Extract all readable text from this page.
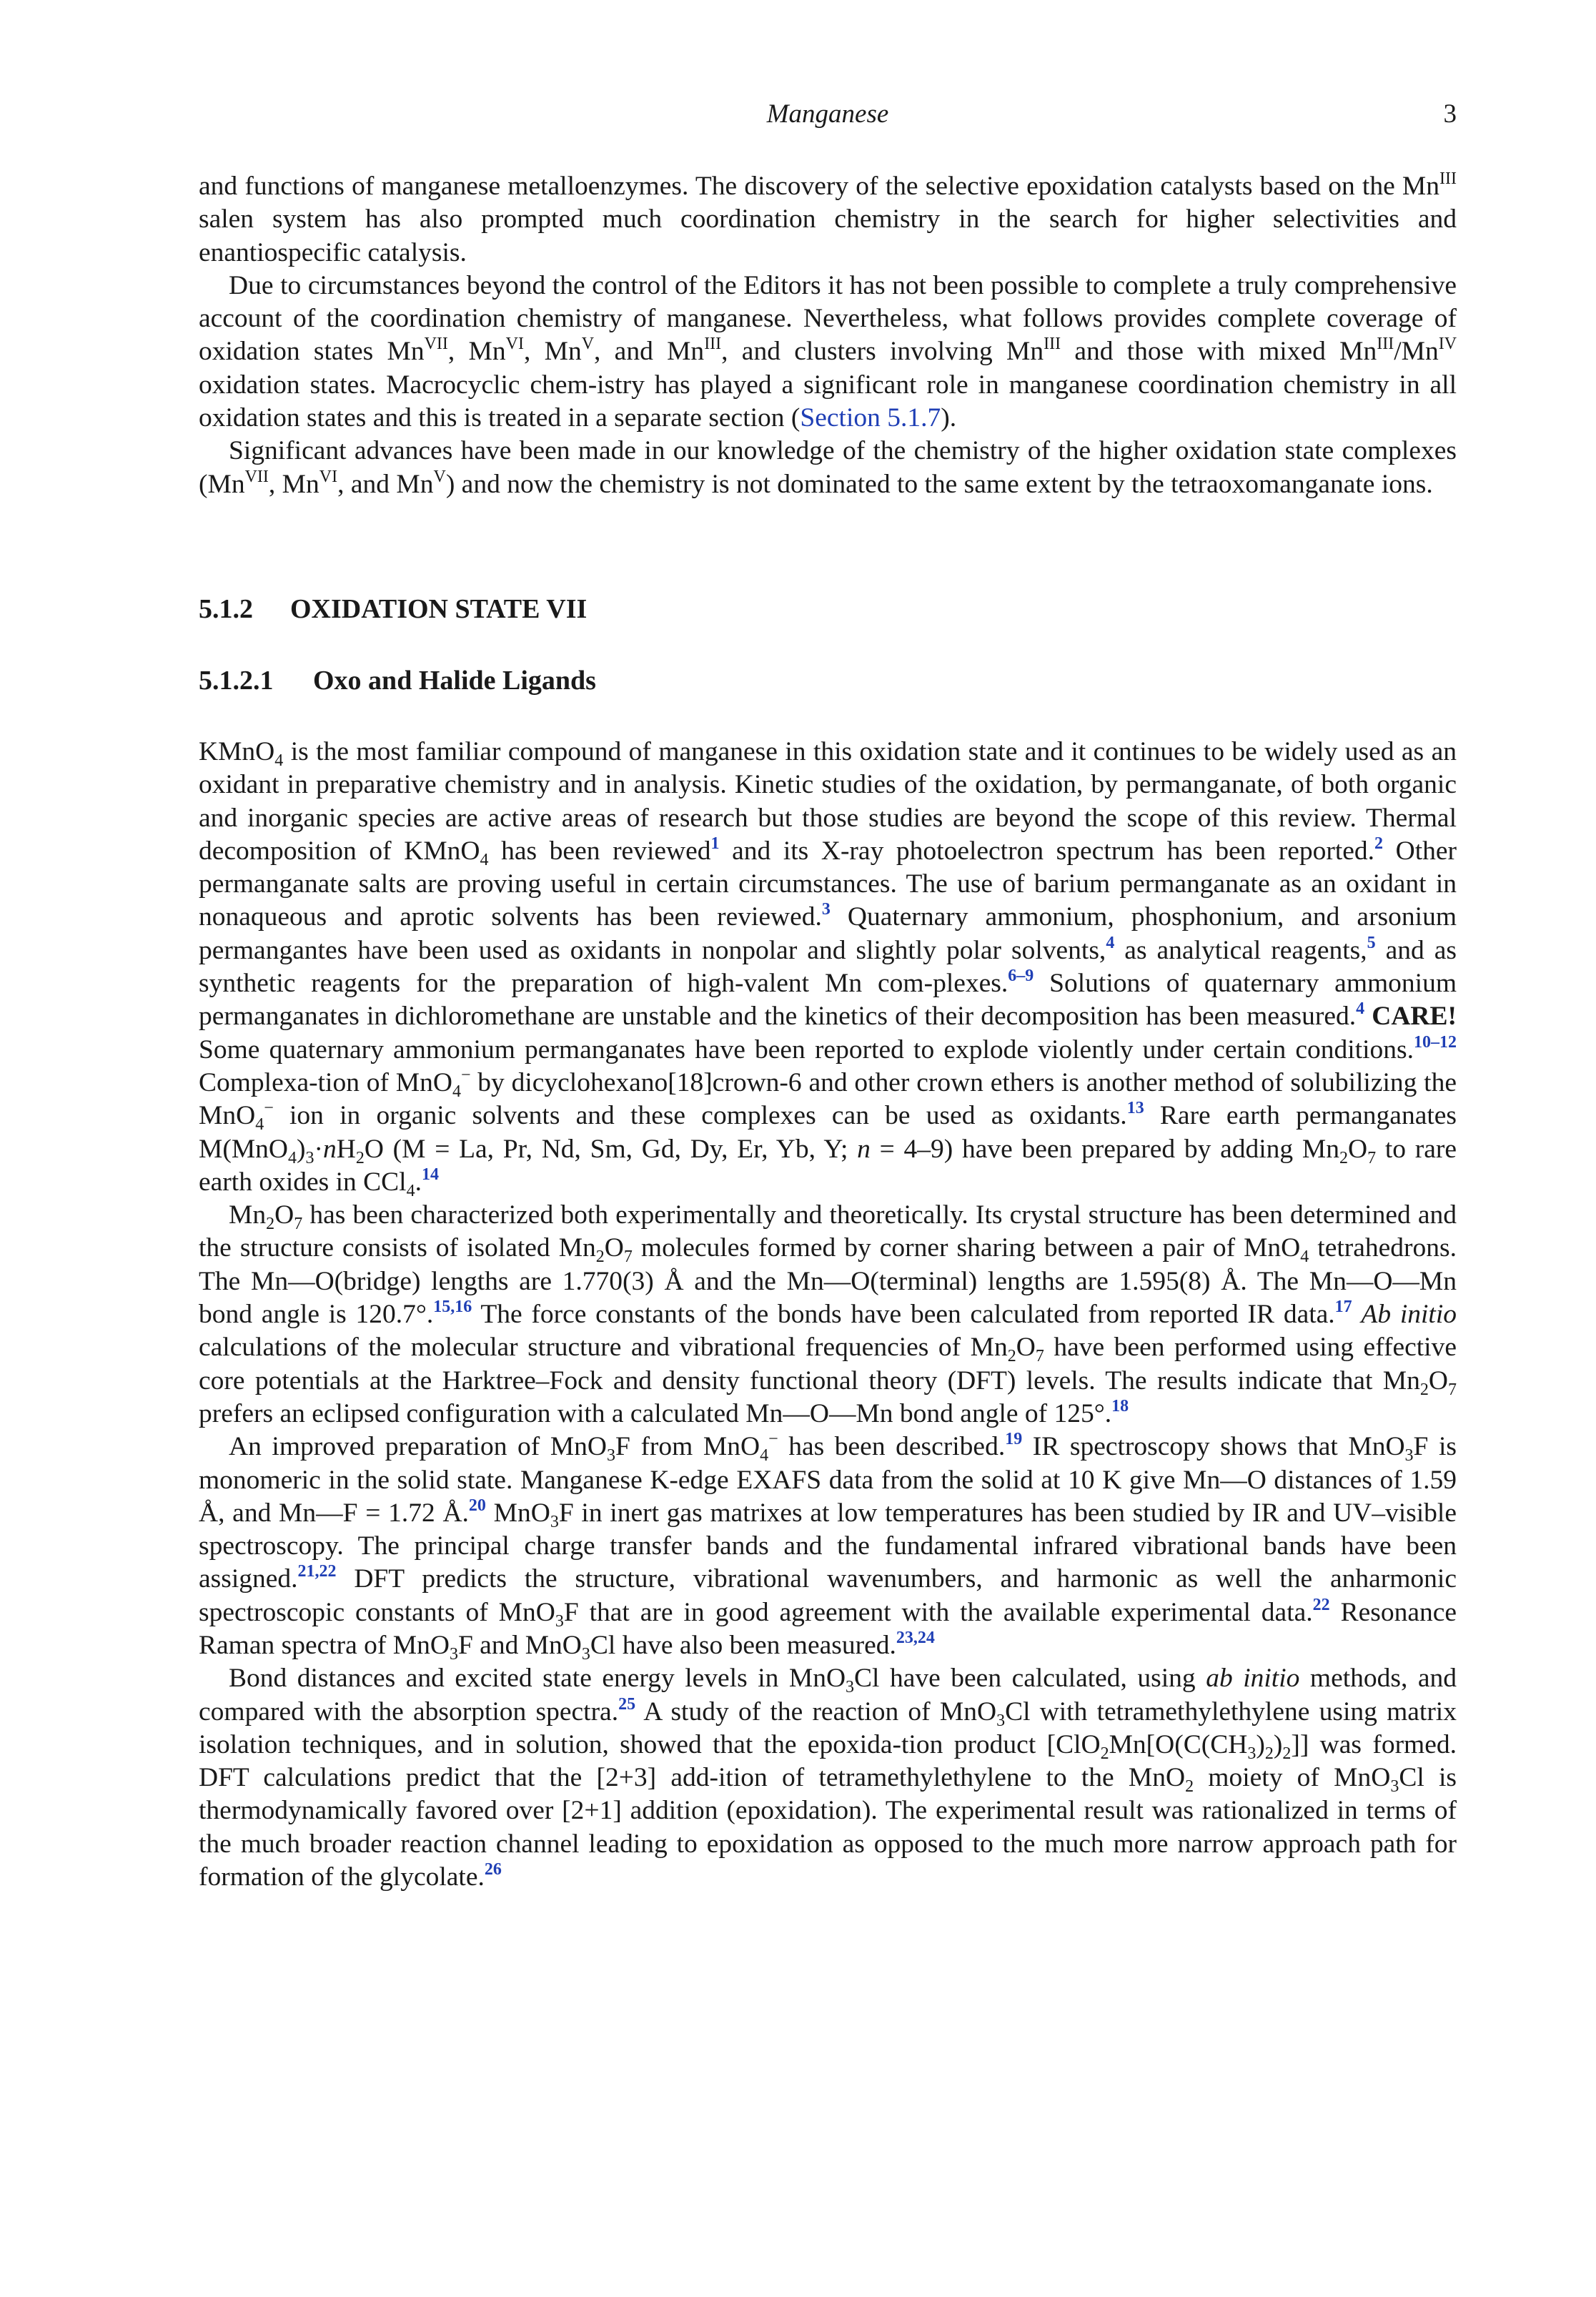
Manganese	3

and functions of manganese metalloenzymes. The discovery of the selective epoxidation catalysts based on the $Mn^{III}$ salen system has also prompted much coordination chemistry in the search for higher selectivities and enantiospecific catalysis.

Due to circumstances beyond the control of the Editors it has not been possible to complete a truly comprehensive account of the coordination chemistry of manganese. Nevertheless, what follows provides complete coverage of oxidation states $Mn^{VII}$, $Mn^{VI}$, $Mn^V$, and $Mn^{III}$, and clusters involving $Mn^{III}$ and those with mixed $Mn^{III}/Mn^{IV}$ oxidation states. Macrocyclic chem-istry has played a significant role in manganese coordination chemistry in all oxidation states and this is treated in a separate section (Section 5.1.7).

Significant advances have been made in our knowledge of the chemistry of the higher oxidation state complexes ($Mn^{VII}$, $Mn^{VI}$, and $Mn^V$) and now the chemistry is not dominated to the same extent by the tetraoxomanganate ions.

5.1.2 OXIDATION STATE VII
5.1.2.1 Oxo and Halide Ligands

KMnO$_4$ is the most familiar compound of manganese in this oxidation state and it continues to be widely used as an oxidant in preparative chemistry and in analysis. Kinetic studies of the oxidation, by permanganate, of both organic and inorganic species are active areas of research but those studies are beyond the scope of this review. Thermal decomposition of KMnO$_4$ has been reviewed$^1$ and its X-ray photoelectron spectrum has been reported.$^2$ Other permanganate salts are proving useful in certain circumstances. The use of barium permanganate as an oxidant in nonaqueous and aprotic solvents has been reviewed.$^3$ Quaternary ammonium, phosphonium, and arsonium permangantes have been used as oxidants in nonpolar and slightly polar solvents,$^4$ as analytical reagents,$^5$ and as synthetic reagents for the preparation of high-valent Mn com-plexes.$^{6-9}$ Solutions of quaternary ammonium permanganates in dichloromethane are unstable and the kinetics of their decomposition has been measured.$^4$ CARE! Some quaternary ammonium permanganates have been reported to explode violently under certain conditions.$^{10-12}$ Complexa-tion of MnO$_4$− by dicyclohexano[18]crown-6 and other crown ethers is another method of solubilizing the MnO$_4$− ion in organic solvents and these complexes can be used as oxidants.$^{13}$ Rare earth permanganates $M(MnO_4)_3\cdot nH_2O$ (M = La, Pr, Nd, Sm, Gd, Dy, Er, Yb, Y; n = 4–9) have been prepared by adding $Mn_2O_7$ to rare earth oxides in CCl$_4$.$^{14}$

$Mn_2O_7$ has been characterized both experimentally and theoretically. Its crystal structure has been determined and the structure consists of isolated $Mn_2O_7$ molecules formed by corner sharing between a pair of MnO$_4$ tetrahedrons. The Mn—O(bridge) lengths are 1.770(3) Å and the Mn—O(terminal) lengths are 1.595(8) Å. The Mn—O—Mn bond angle is 120.7°.$^{15,16}$ The force constants of the bonds have been calculated from reported IR data.$^{17}$ Ab initio calculations of the molecular structure and vibrational frequencies of $Mn_2O_7$ have been performed using effective core potentials at the Harktree–Fock and density functional theory (DFT) levels. The results indicate that $Mn_2O_7$ prefers an eclipsed configuration with a calculated Mn—O—Mn bond angle of 125°.$^{18}$

An improved preparation of MnO$_3$F from MnO$_4$− has been described.$^{19}$ IR spectroscopy shows that MnO$_3$F is monomeric in the solid state. Manganese K-edge EXAFS data from the solid at 10 K give Mn—O distances of 1.59 Å, and Mn—F = 1.72 Å.$^{20}$ MnO$_3$F in inert gas matrixes at low temperatures has been studied by IR and UV–visible spectroscopy. The principal charge transfer bands and the fundamental infrared vibrational bands have been assigned.$^{21,22}$ DFT predicts the structure, vibrational wavenumbers, and harmonic as well the anharmonic spectroscopic constants of MnO$_3$F that are in good agreement with the available experimental data.$^{22}$ Resonance Raman spectra of MnO$_3$F and MnO$_3$Cl have also been measured.$^{23,24}$

Bond distances and excited state energy levels in MnO$_3$Cl have been calculated, using ab initio methods, and compared with the absorption spectra.$^{25}$ A study of the reaction of MnO$_3$Cl with tetramethylethylene using matrix isolation techniques, and in solution, showed that the epoxida-tion product $[ClO_2Mn[O(C(CH_3)_2)_2]]$ was formed. DFT calculations predict that the [2+3] add-ition of tetramethylethylene to the MnO$_2$ moiety of MnO$_3$Cl is thermodynamically favored over [2+1] addition (epoxidation). The experimental result was rationalized in terms of the much broader reaction channel leading to epoxidation as opposed to the much more narrow approach path for formation of the glycolate.$^{26}$
